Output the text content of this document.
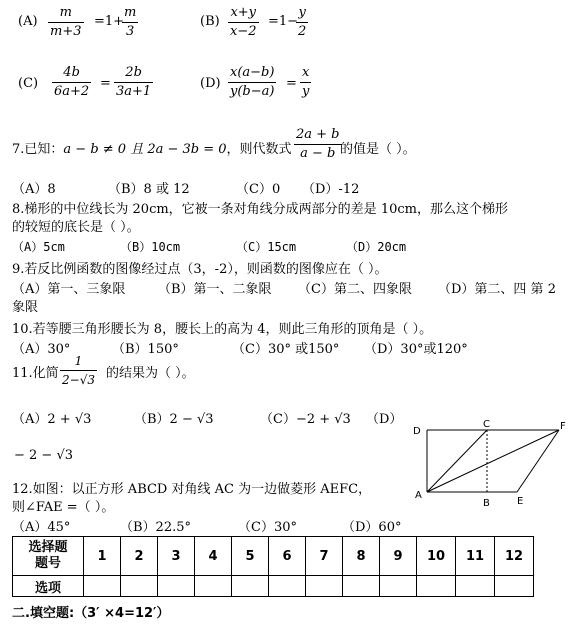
$(A) \frac{m}{m+3} =1+$
$\frac{m}{3}$	$(B) \frac{x+y}{x-2} =1-$
$\frac{y}{2}$
$(C) \frac{4b}{6a+2} = \frac{2b}{3a+1}$	$(D) \frac{x(a-b)}{y(b-a)} = \frac{x}{y}$
7.已知：a − b ≠ 0 且 2a − 3b = 0，则代数式 $\frac{2a + b}{a - b}$
的值是（ ）。
（A）8	（B）8 或 12	（C）0 （D）-12
8.梯形的中位线长为 20cm，它被一条对角线分成两部分的差是 10cm，那么这个梯形
的较短的底长是（ ）。
（A）5cm	（B）10cm	（C）15cm	（D）20cm
9.若反比例函数的图像经过点（3，-2），则函数的图像应在（ ）。
（A）第一、三象限	（B）第一、二象限 （C）第二、四象限 （D）第二、四 第 2
象限
10.若等腰三角形腰长为 8，腰长上的高为 4，则此三角形的顶角是（ ）。
（A）30°	（B）150°	（C）30° 或150° （D）30°或120°
11.化简 $\frac{1}{2-√3}$ 的结果为（ ）。
（A）2 + √3	（B）2 − √3	（C）−2 + √3 （D）
− 2 − √3
12.如图：以正方形 ABCD 对角线 AC 为一边做菱形 AEFC，
则∠FAE =（ ）。
（A）45°	（B）22.5°	（C）30°	（D）60°
D
C	F
A
B	E
选择题
题号	1	2	3	4	5	6	7	8	9	10	11	12
选项												
二.填空题:（3′ ×4=12′）
